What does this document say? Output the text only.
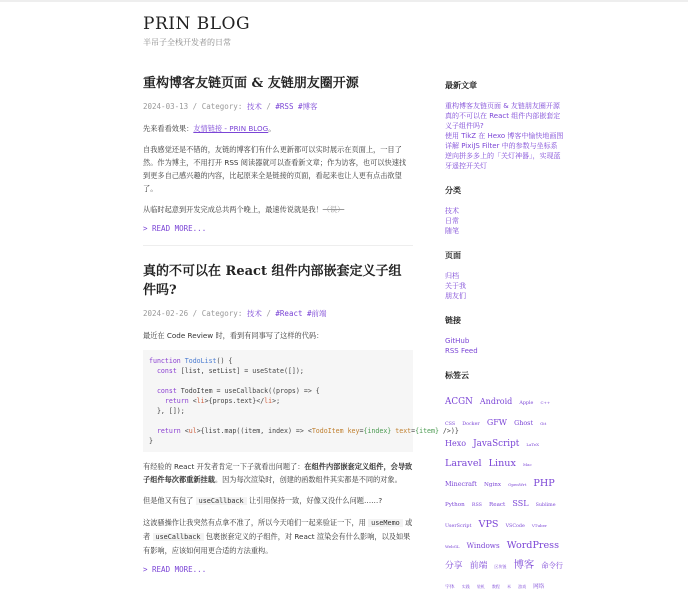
PRIN BLOG
半吊子全栈开发者的日常
重构博客友链页面 & 友链朋友圈开源
2024-03-13 / Category: 技术 / #RSS #博客

先来看看效果：友情链接 - PRIN BLOG。

自我感觉还是不错的，友链的博客们有什么更新都可以实时展示在页面上，一目了然。作为博主，不用打开 RSS 阅读器就可以查看新文章；作为访客，也可以快速找到更多自己感兴趣的内容，比起原来全是链接的页面，看起来也让人更有点击欲望了。

从临时起意到开发完成总共两个晚上，最速传说就是我！（误）

> READ MORE...
真的不可以在 React 组件内部嵌套定义子组件吗?
2024-02-26 / Category: 技术 / #React #前端

最近在 Code Review 时，看到有同事写了这样的代码：

function TodoList() {
const [list, setList] = useState([]);

const TodoItem = useCallback((props) => {
return <li>{props.text}</li>;
}, []);

return <ul>{list.map((item, index) => <TodoItem key={index} text={item} />)}
}

有经验的 React 开发者肯定一下子就看出问题了：在组件内部嵌套定义组件，会导致子组件每次都重新挂载。因为每次渲染时，创建的函数组件其实都是不同的对象。

但是他又有包了 useCallback 让引用保持一致，好像又没什么问题……?

这波骚操作让我突然有点拿不准了，所以今天咱们一起来验证一下，用 useMemo 或者 useCallback 包裹嵌套定义的子组件，对 React 渲染会有什么影响，以及如果有影响，应该如何用更合适的方法重构。

> READ MORE...
最新文章
重构博客友链页面 & 友链朋友圈开源
真的不可以在 React 组件内部嵌套定义子组件吗?
使用 TikZ 在 Hexo 博客中愉快地画图
详解 PixiJS Filter 中的参数与坐标系
逆向拼多多上的「关灯神器」，实现蓝牙遥控开关灯
分类
技术
日常
随笔
页面
归档
关于我
朋友们
链接
GitHub
RSS Feed
标签云
ACGN Android Apple C++ CSS Docker GFW Ghost Git Hexo JavaScript LaTeX Laravel Linux Mac Minecraft Nginx OpenWrt PHP Python RSS React SSL Sublime UserScript VPS VSCode VTuber WebGL Windows WordPress 分享 前端 区块链 博客 命令行 字体 实践 装机 教程 米 游戏 网络
